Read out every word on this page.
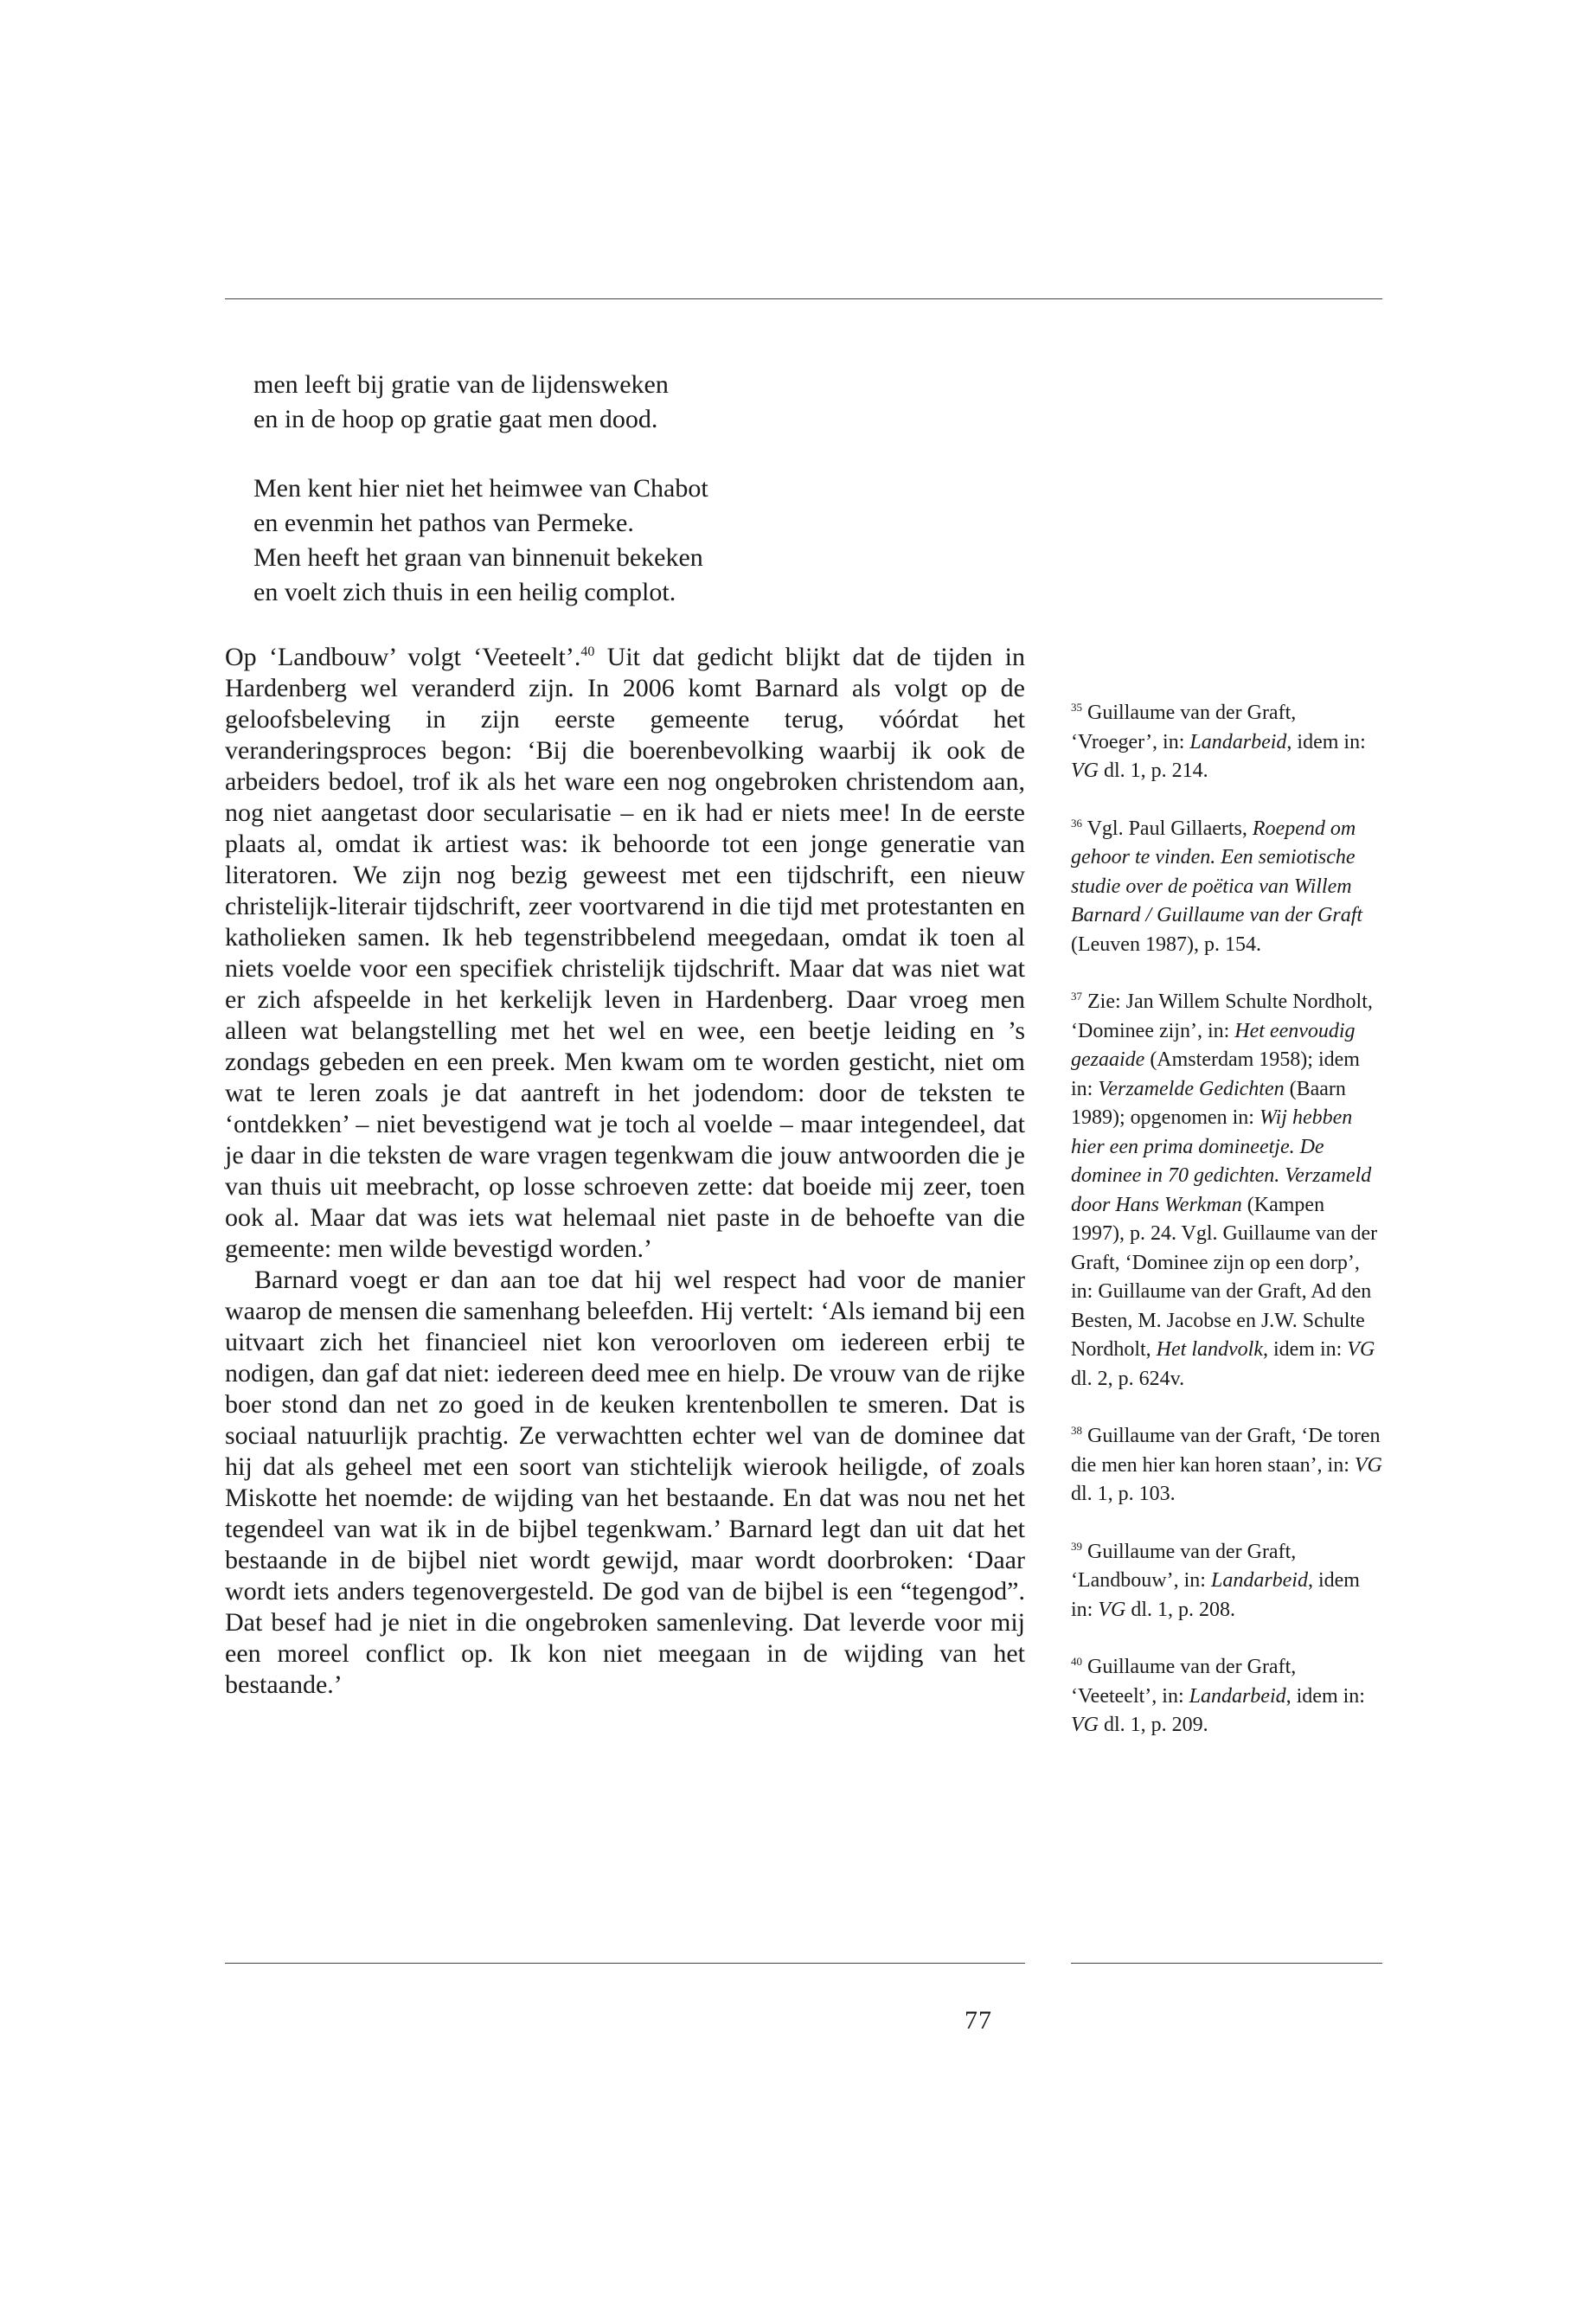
men leeft bij gratie van de lijdensweken
en in de hoop op gratie gaat men dood.
Men kent hier niet het heimwee van Chabot
en evenmin het pathos van Permeke.
Men heeft het graan van binnenuit bekeken
en voelt zich thuis in een heilig complot.

Op ‘Landbouw’ volgt ‘Veeteelt’.$^{40}$ Uit dat gedicht blijkt dat de tijden in Hardenberg wel veranderd zijn. In 2006 komt Barnard als volgt op de geloofsbeleving in zijn eerste gemeente terug, vóórdat het veranderingsproces begon: ‘Bij die boerenbevolking waarbij ik ook de arbeiders bedoel, trof ik als het ware een nog ongebroken christendom aan, nog niet aangetast door secularisatie – en ik had er niets mee! In de eerste plaats al, omdat ik artiest was: ik behoorde tot een jonge generatie van literatoren. We zijn nog bezig geweest met een tijdschrift, een nieuw christelijk-literair tijdschrift, zeer voortvarend in die tijd met protestanten en katholieken samen. Ik heb tegenstribbelend meegedaan, omdat ik toen al niets voelde voor een specifiek christelijk tijdschrift. Maar dat was niet wat er zich afspeelde in het kerkelijk leven in Hardenberg. Daar vroeg men alleen wat belangstelling met het wel en wee, een beetje leiding en ’s zondags gebeden en een preek. Men kwam om te worden gesticht, niet om wat te leren zoals je dat aantreft in het jodendom: door de teksten te ‘ontdekken’ – niet bevestigend wat je toch al voelde – maar integendeel, dat je daar in die teksten de ware vragen tegenkwam die jouw antwoorden die je van thuis uit meebracht, op losse schroeven zette: dat boeide mij zeer, toen ook al. Maar dat was iets wat helemaal niet paste in de behoefte van die gemeente: men wilde bevestigd worden.’

Barnard voegt er dan aan toe dat hij wel respect had voor de manier waarop de mensen die samenhang beleefden. Hij vertelt: ‘Als iemand bij een uitvaart zich het financieel niet kon veroorloven om iedereen erbij te nodigen, dan gaf dat niet: iedereen deed mee en hielp. De vrouw van de rijke boer stond dan net zo goed in de keuken krentenbollen te smeren. Dat is sociaal natuurlijk prachtig. Ze verwachtten echter wel van de dominee dat hij dat als geheel met een soort van stichtelijk wierook heiligde, of zoals Miskotte het noemde: de wijding van het bestaande. En dat was nou net het tegendeel van wat ik in de bijbel tegenkwam.’ Barnard legt dan uit dat het bestaande in de bijbel niet wordt gewijd, maar wordt doorbroken: ‘Daar wordt iets anders tegenovergesteld. De god van de bijbel is een “tegengod”. Dat besef had je niet in die ongebroken samenleving. Dat leverde voor mij een moreel conflict op. Ik kon niet meegaan in de wijding van het bestaande.’

$^{35}$ Guillaume van der Graft, ‘Vroeger’, in: Landarbeid, idem in: VG dl. 1, p. 214.

$^{36}$ Vgl. Paul Gillaerts, Roepend om gehoor te vinden. Een semiotische studie over de poëtica van Willem Barnard / Guillaume van der Graft (Leuven 1987), p. 154.

$^{37}$ Zie: Jan Willem Schulte Nordholt, ‘Dominee zijn’, in: Het eenvoudig gezaaide (Amsterdam 1958); idem in: Verzamelde Gedichten (Baarn 1989); opgenomen in: Wij hebben hier een prima domineetje. De dominee in 70 gedichten. Verzameld door Hans Werkman (Kampen 1997), p. 24. Vgl. Guillaume van der Graft, ‘Dominee zijn op een dorp’, in: Guillaume van der Graft, Ad den Besten, M. Jacobse en J.W. Schulte Nordholt, Het landvolk, idem in: VG dl. 2, p. 624v.

$^{38}$ Guillaume van der Graft, ‘De toren die men hier kan horen staan’, in: VG dl. 1, p. 103.

$^{39}$ Guillaume van der Graft, ‘Landbouw’, in: Landarbeid, idem in: VG dl. 1, p. 208.

$^{40}$ Guillaume van der Graft, ‘Veeteelt’, in: Landarbeid, idem in: VG dl. 1, p. 209.

77
